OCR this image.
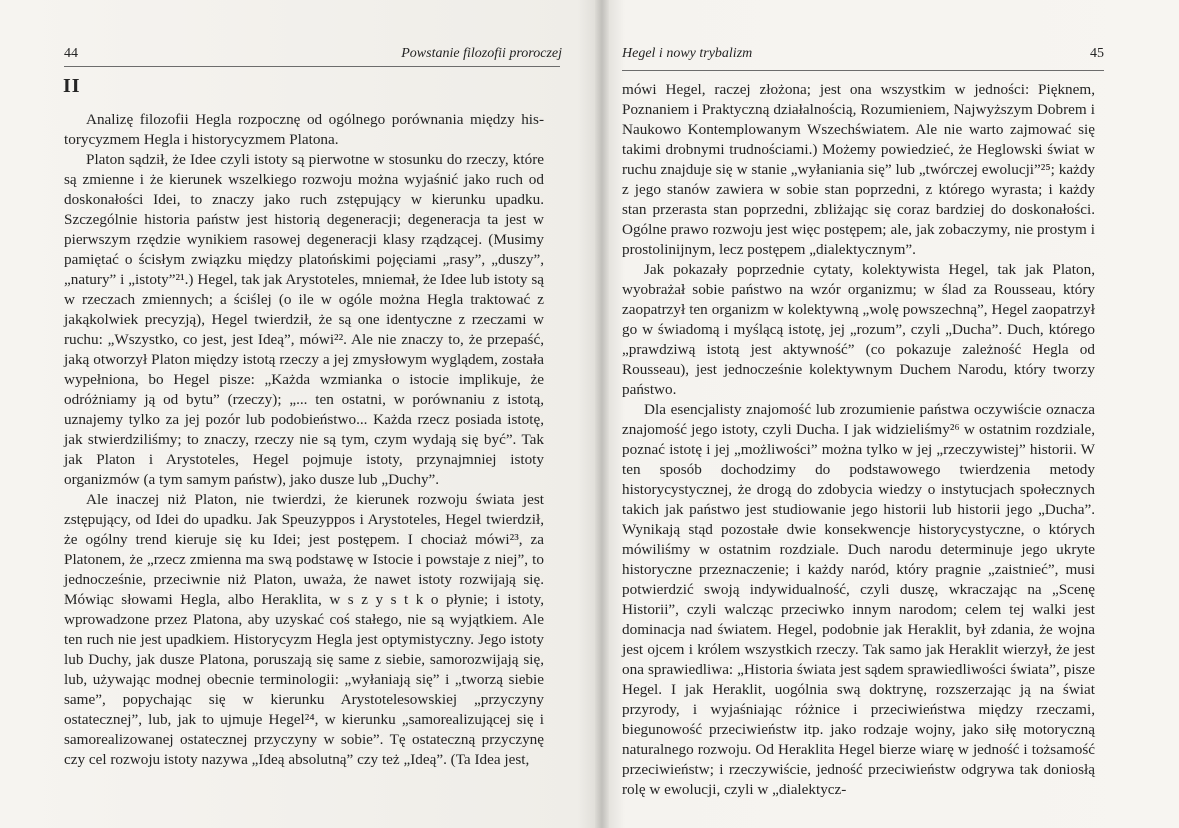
44	Powstanie filozofii proroczej
II

Analizę filozofii Hegla rozpocznę od ogólnego porównania między historycyzmem Hegla i historycyzmem Platona.

Platon sądził, że Idee czyli istoty są pierwotne w stosunku do rzeczy, które są zmienne i że kierunek wszelkiego rozwoju można wyjaśnić jako ruch od doskonałości Idei, to znaczy jako ruch zstępujący w kierunku upadku. Szczególnie historia państw jest historią degeneracji; degeneracja ta jest w pierwszym rzędzie wynikiem rasowej degeneracji klasy rządzącej. (Musimy pamiętać o ścisłym związku między platońskimi pojęciami „rasy”, „duszy”, „natury” i „istoty”²¹.) Hegel, tak jak Arystoteles, mniemał, że Idee lub istoty są w rzeczach zmiennych; a ściślej (o ile w ogóle można Hegla traktować z jakąkolwiek precyzją), Hegel twierdził, że są one identyczne z rzeczami w ruchu: „Wszystko, co jest, jest Ideą”, mówi²². Ale nie znaczy to, że przepaść, jaką otworzył Platon między istotą rzeczy a jej zmysłowym wyglądem, została wypełniona, bo Hegel pisze: „Każda wzmianka o istocie implikuje, że odróżniamy ją od bytu” (rzeczy); „... ten ostatni, w porównaniu z istotą, uznajemy tylko za jej pozór lub podobieństwo... Każda rzecz posiada istotę, jak stwierdziliśmy; to znaczy, rzeczy nie są tym, czym wydają się być”. Tak jak Platon i Arystoteles, Hegel pojmuje istoty, przynajmniej istoty organizmów (a tym samym państw), jako dusze lub „Duchy”.

Ale inaczej niż Platon, nie twierdzi, że kierunek rozwoju świata jest zstępujący, od Idei do upadku. Jak Speuzyppos i Arystoteles, Hegel twierdził, że ogólny trend kieruje się ku Idei; jest postępem. I chociaż mówi²³, za Platonem, że „rzecz zmienna ma swą podstawę w Istocie i powstaje z niej”, to jednocześnie, przeciwnie niż Platon, uważa, że nawet istoty rozwijają się. Mówiąc słowami Hegla, albo Heraklita, w s z y s t k o płynie; i istoty, wprowadzone przez Platona, aby uzyskać coś stałego, nie są wyjątkiem. Ale ten ruch nie jest upadkiem. Historycyzm Hegla jest optymistyczny. Jego istoty lub Duchy, jak dusze Platona, poruszają się same z siebie, samorozwijają się, lub, używając modnej obecnie terminologii: „wyłaniają się” i „tworzą siebie same”, popychając się w kierunku Arystotelesowskiej „przyczyny ostatecznej”, lub, jak to ujmuje Hegel²⁴, w kierunku „samorealizującej się i samorealizowanej ostatecznej przyczyny w sobie”. Tę ostateczną przyczynę czy cel rozwoju istoty nazywa „Ideą absolutną” czy też „Ideą”. (Ta Idea jest,

Hegel i nowy trybalizm	45

mówi Hegel, raczej złożona; jest ona wszystkim w jedności: Pięknem, Poznaniem i Praktyczną działalnością, Rozumieniem, Najwyższym Dobrem i Naukowo Kontemplowanym Wszechświatem. Ale nie warto zajmować się takimi drobnymi trudnościami.) Możemy powiedzieć, że Heglowski świat w ruchu znajduje się w stanie „wyłaniania się” lub „twórczej ewolucji”²⁵; każdy z jego stanów zawiera w sobie stan poprzedni, z którego wyrasta; i każdy stan przerasta stan poprzedni, zbliżając się coraz bardziej do doskonałości. Ogólne prawo rozwoju jest więc postępem; ale, jak zobaczymy, nie prostym i prostolinijnym, lecz postępem „dialektycznym”.

Jak pokazały poprzednie cytaty, kolektywista Hegel, tak jak Platon, wyobrażał sobie państwo na wzór organizmu; w ślad za Rousseau, który zaopatrzył ten organizm w kolektywną „wolę powszechną”, Hegel zaopatrzył go w świadomą i myślącą istotę, jej „rozum”, czyli „Ducha”. Duch, którego „prawdziwą istotą jest aktywność” (co pokazuje zależność Hegla od Rousseau), jest jednocześnie kolektywnym Duchem Narodu, który tworzy państwo.

Dla esencjalisty znajomość lub zrozumienie państwa oczywiście oznacza znajomość jego istoty, czyli Ducha. I jak widzieliśmy²⁶ w ostatnim rozdziale, poznać istotę i jej „możliwości” można tylko w jej „rzeczywistej” historii. W ten sposób dochodzimy do podstawowego twierdzenia metody historycystycznej, że drogą do zdobycia wiedzy o instytucjach społecznych takich jak państwo jest studiowanie jego historii lub historii jego „Ducha”. Wynikają stąd pozostałe dwie konsekwencje historycystyczne, o których mówiliśmy w ostatnim rozdziale. Duch narodu determinuje jego ukryte historyczne przeznaczenie; i każdy naród, który pragnie „zaistnieć”, musi potwierdzić swoją indywidualność, czyli duszę, wkraczając na „Scenę Historii”, czyli walcząc przeciwko innym narodom; celem tej walki jest dominacja nad światem. Hegel, podobnie jak Heraklit, był zdania, że wojna jest ojcem i królem wszystkich rzeczy. Tak samo jak Heraklit wierzył, że jest ona sprawiedliwa: „Historia świata jest sądem sprawiedliwości świata”, pisze Hegel. I jak Heraklit, uogólnia swą doktrynę, rozszerzając ją na świat przyrody, i wyjaśniając różnice i przeciwieństwa między rzeczami, biegunowość przeciwieństw itp. jako rodzaje wojny, jako siłę motoryczną naturalnego rozwoju. Od Heraklita Hegel bierze wiarę w jedność i tożsamość przeciwieństw; i rzeczywiście, jedność przeciwieństw odgrywa tak doniosłą rolę w ewolucji, czyli w „dialektycz-
